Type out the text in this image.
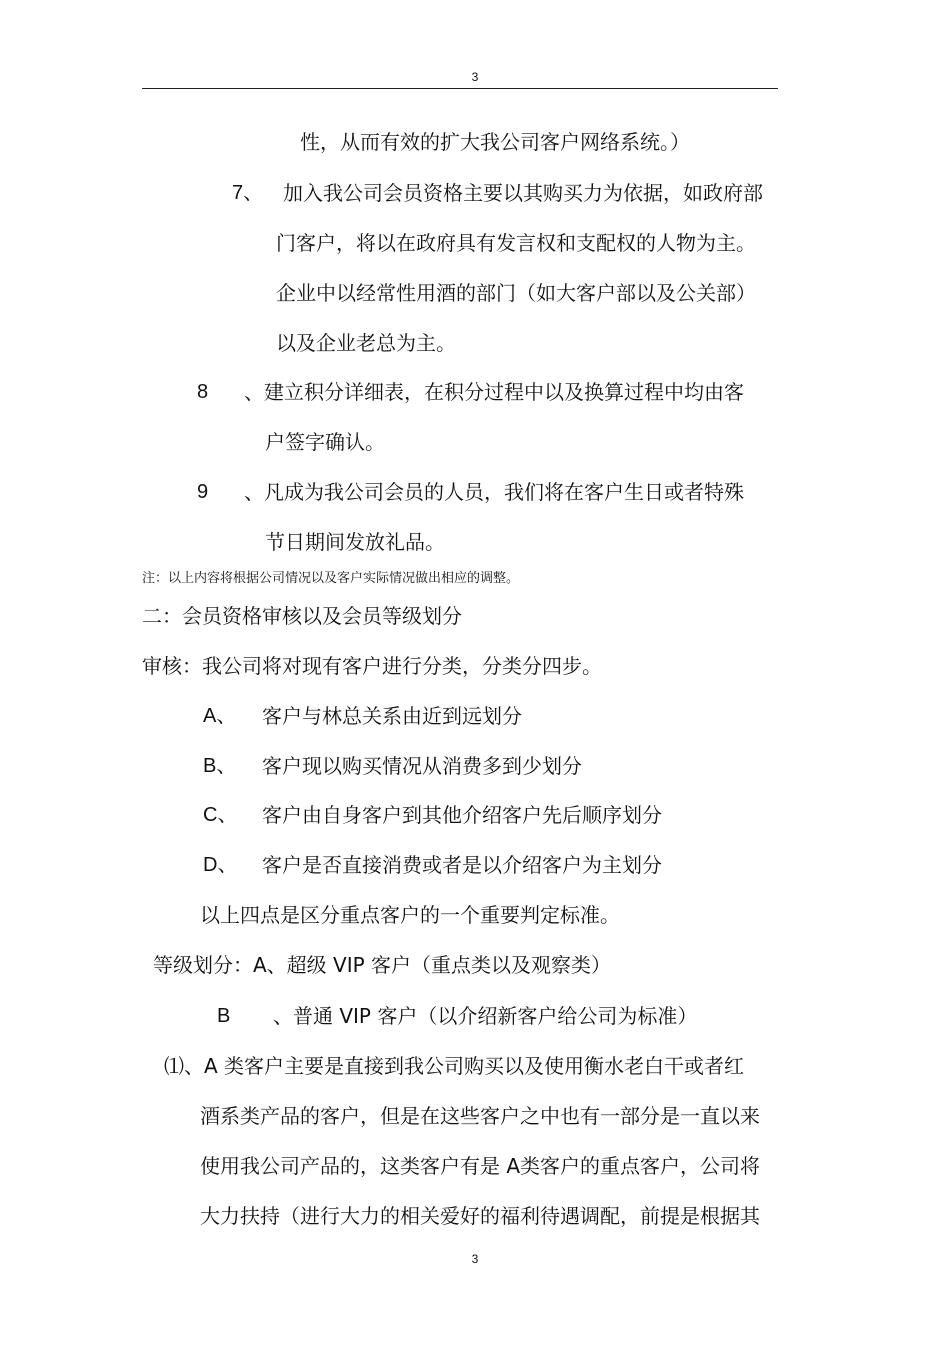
3
性，从而有效的扩大我公司客户网络系统。）
7、 加入我公司会员资格主要以其购买力为依据，如政府部
门客户，将以在政府具有发言权和支配权的人物为主。
企业中以经常性用酒的部门（如大客户部以及公关部）
以及企业老总为主。
8 、建立积分详细表，在积分过程中以及换算过程中均由客
户签字确认。
9 、凡成为我公司会员的人员，我们将在客户生日或者特殊
节日期间发放礼品。
注：以上内容将根据公司情况以及客户实际情况做出相应的调整。
二：会员资格审核以及会员等级划分
审核：我公司将对现有客户进行分类，分类分四步。
A、 客户与林总关系由近到远划分
B、 客户现以购买情况从消费多到少划分
C、 客户由自身客户到其他介绍客户先后顺序划分
D、 客户是否直接消费或者是以介绍客户为主划分
以上四点是区分重点客户的一个重要判定标准。
等级划分：A、超级 VIP 客户（重点类以及观察类）
B 、普通 VIP 客户（以介绍新客户给公司为标准）
⑴、A 类客户主要是直接到我公司购买以及使用衡水老白干或者红
酒系类产品的客户，但是在这些客户之中也有一部分是一直以来
使用我公司产品的，这类客户有是 A类客户的重点客户，公司将
大力扶持（进行大力的相关爱好的福利待遇调配，前提是根据其
3
